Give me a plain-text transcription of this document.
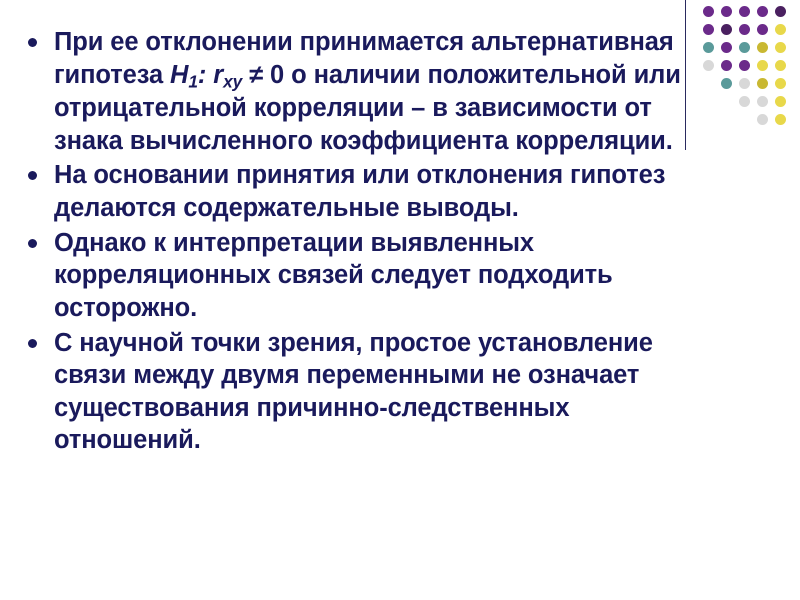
При ее отклонении принимается альтернативная гипотеза $H_1$: $r_{xy} \ne 0$ о наличии положительной или отрицательной корреляции – в зависимости от знака вычисленного коэффициента корреляции.
На основании принятия или отклонения гипотез делаются содержательные выводы.
Однако к интерпретации выявленных корреляционных связей следует подходить осторожно.
С научной точки зрения, простое установление связи между двумя переменными не означает существования причинно-следственных отношений.
